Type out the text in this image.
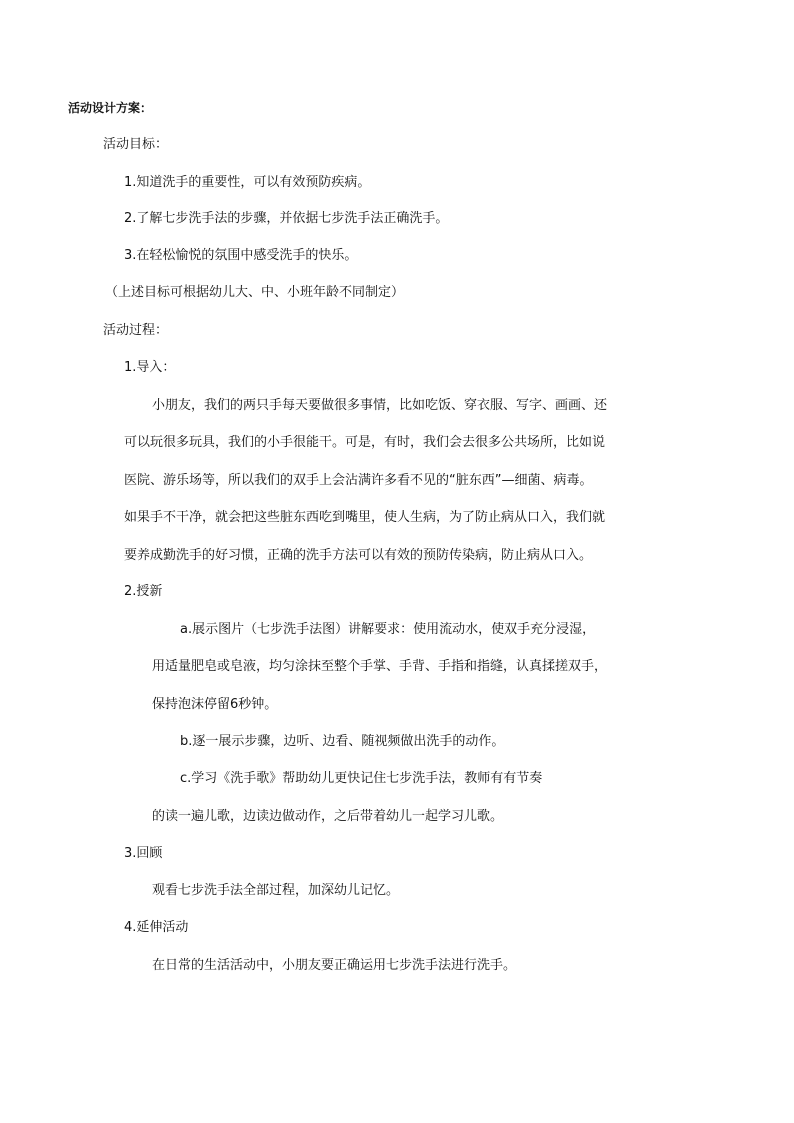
活动设计方案：
活动目标：
1.知道洗手的重要性，可以有效预防疾病。
2.了解七步洗手法的步骤，并依据七步洗手法正确洗手。
3.在轻松愉悦的氛围中感受洗手的快乐。
（上述目标可根据幼儿大、中、小班年龄不同制定）
活动过程：
1.导入：
小朋友，我们的两只手每天要做很多事情，比如吃饭、穿衣服、写字、画画、还
可以玩很多玩具，我们的小手很能干。可是，有时，我们会去很多公共场所，比如说
医院、游乐场等，所以我们的双手上会沾满许多看不见的“脏东西”—细菌、病毒。
如果手不干净，就会把这些脏东西吃到嘴里，使人生病，为了防止病从口入，我们就
要养成勤洗手的好习惯，正确的洗手方法可以有效的预防传染病，防止病从口入。
2.授新
a.展示图片（七步洗手法图）讲解要求：使用流动水，使双手充分浸湿，
用适量肥皂或皂液，均匀涂抹至整个手掌、手背、手指和指缝，认真揉搓双手，
保持泡沫停留6秒钟。
b.逐一展示步骤，边听、边看、随视频做出洗手的动作。
c.学习《洗手歌》帮助幼儿更快记住七步洗手法，教师有有节奏
的读一遍儿歌，边读边做动作，之后带着幼儿一起学习儿歌。
3.回顾
观看七步洗手法全部过程，加深幼儿记忆。
4.延伸活动
在日常的生活活动中，小朋友要正确运用七步洗手法进行洗手。
